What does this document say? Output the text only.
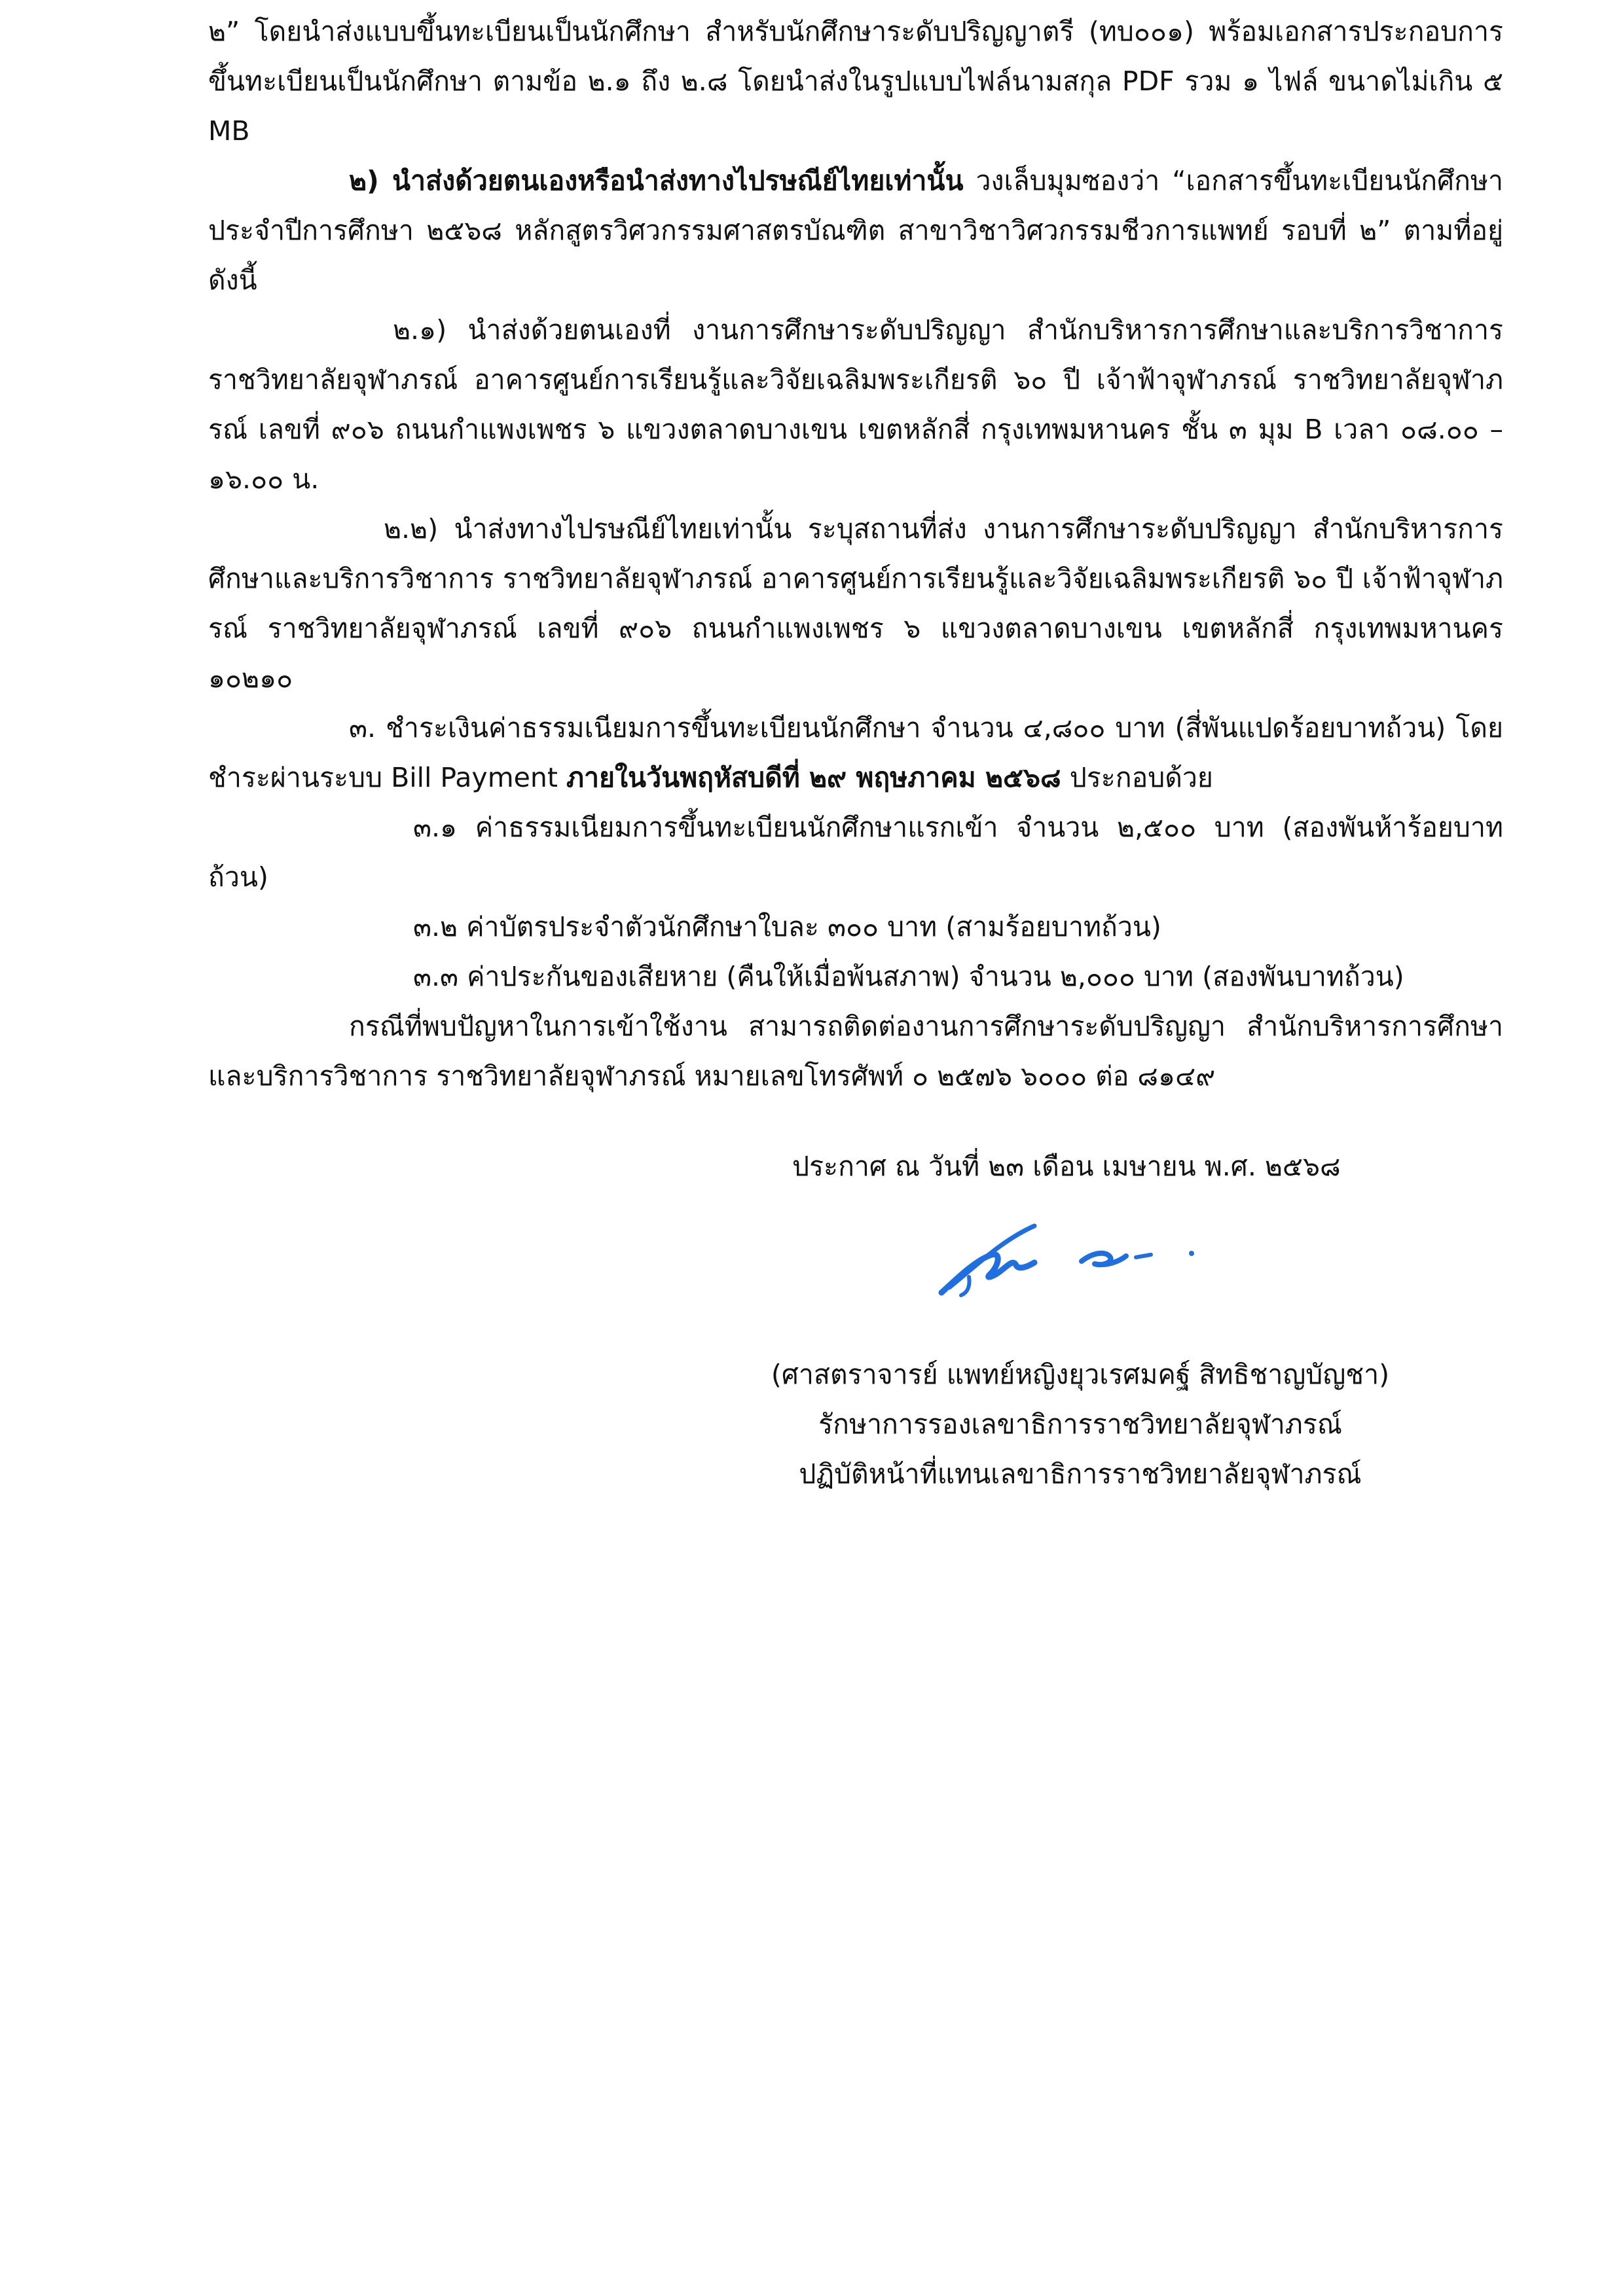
๒” โดยนำส่งแบบขึ้นทะเบียนเป็นนักศึกษา สำหรับนักศึกษาระดับปริญญาตรี (ทบ๐๐๑) พร้อมเอกสารประกอบการขึ้นทะเบียนเป็นนักศึกษา ตามข้อ ๒.๑ ถึง ๒.๘ โดยนำส่งในรูปแบบไฟล์นามสกุล PDF รวม ๑ ไฟล์ ขนาดไม่เกิน ๕ MB

๒) นำส่งด้วยตนเองหรือนำส่งทางไปรษณีย์ไทยเท่านั้น วงเล็บมุมซองว่า “เอกสารขึ้นทะเบียนนักศึกษา ประจำปีการศึกษา ๒๕๖๘ หลักสูตรวิศวกรรมศาสตรบัณฑิต สาขาวิชาวิศวกรรมชีวการแพทย์ รอบที่ ๒” ตามที่อยู่ดังนี้

๒.๑) นำส่งด้วยตนเองที่ งานการศึกษาระดับปริญญา สำนักบริหารการศึกษาและบริการวิชาการ ราชวิทยาลัยจุฬาภรณ์ อาคารศูนย์การเรียนรู้และวิจัยเฉลิมพระเกียรติ ๖๐ ปี เจ้าฟ้าจุฬาภรณ์ ราชวิทยาลัยจุฬาภรณ์ เลขที่ ๙๐๖ ถนนกำแพงเพชร ๖ แขวงตลาดบางเขน เขตหลักสี่ กรุงเทพมหานคร ชั้น ๓ มุม B เวลา ๐๘.๐๐ – ๑๖.๐๐ น.

๒.๒) นำส่งทางไปรษณีย์ไทยเท่านั้น ระบุสถานที่ส่ง งานการศึกษาระดับปริญญา สำนักบริหารการศึกษาและบริการวิชาการ ราชวิทยาลัยจุฬาภรณ์ อาคารศูนย์การเรียนรู้และวิจัยเฉลิมพระเกียรติ ๖๐ ปี เจ้าฟ้าจุฬาภรณ์ ราชวิทยาลัยจุฬาภรณ์ เลขที่ ๙๐๖ ถนนกำแพงเพชร ๖ แขวงตลาดบางเขน เขตหลักสี่ กรุงเทพมหานคร ๑๐๒๑๐

๓. ชำระเงินค่าธรรมเนียมการขึ้นทะเบียนนักศึกษา จำนวน ๔,๘๐๐ บาท (สี่พันแปดร้อยบาทถ้วน) โดยชำระผ่านระบบ Bill Payment ภายในวันพฤหัสบดีที่ ๒๙ พฤษภาคม ๒๕๖๘ ประกอบด้วย

๓.๑ ค่าธรรมเนียมการขึ้นทะเบียนนักศึกษาแรกเข้า จำนวน ๒,๕๐๐ บาท (สองพันห้าร้อยบาทถ้วน)

๓.๒ ค่าบัตรประจำตัวนักศึกษาใบละ ๓๐๐ บาท (สามร้อยบาทถ้วน)

๓.๓ ค่าประกันของเสียหาย (คืนให้เมื่อพ้นสภาพ) จำนวน ๒,๐๐๐ บาท (สองพันบาทถ้วน)

กรณีที่พบปัญหาในการเข้าใช้งาน สามารถติดต่องานการศึกษาระดับปริญญา สำนักบริหารการศึกษาและบริการวิชาการ ราชวิทยาลัยจุฬาภรณ์ หมายเลขโทรศัพท์ ๐ ๒๕๗๖ ๖๐๐๐ ต่อ ๘๑๔๙

ประกาศ ณ วันที่ ๒๓ เดือน เมษายน พ.ศ. ๒๕๖๘
(ศาสตราจารย์ แพทย์หญิงยุวเรศมคฐ์ สิทธิชาญบัญชา)
รักษาการรองเลขาธิการราชวิทยาลัยจุฬาภรณ์
ปฏิบัติหน้าที่แทนเลขาธิการราชวิทยาลัยจุฬาภรณ์
